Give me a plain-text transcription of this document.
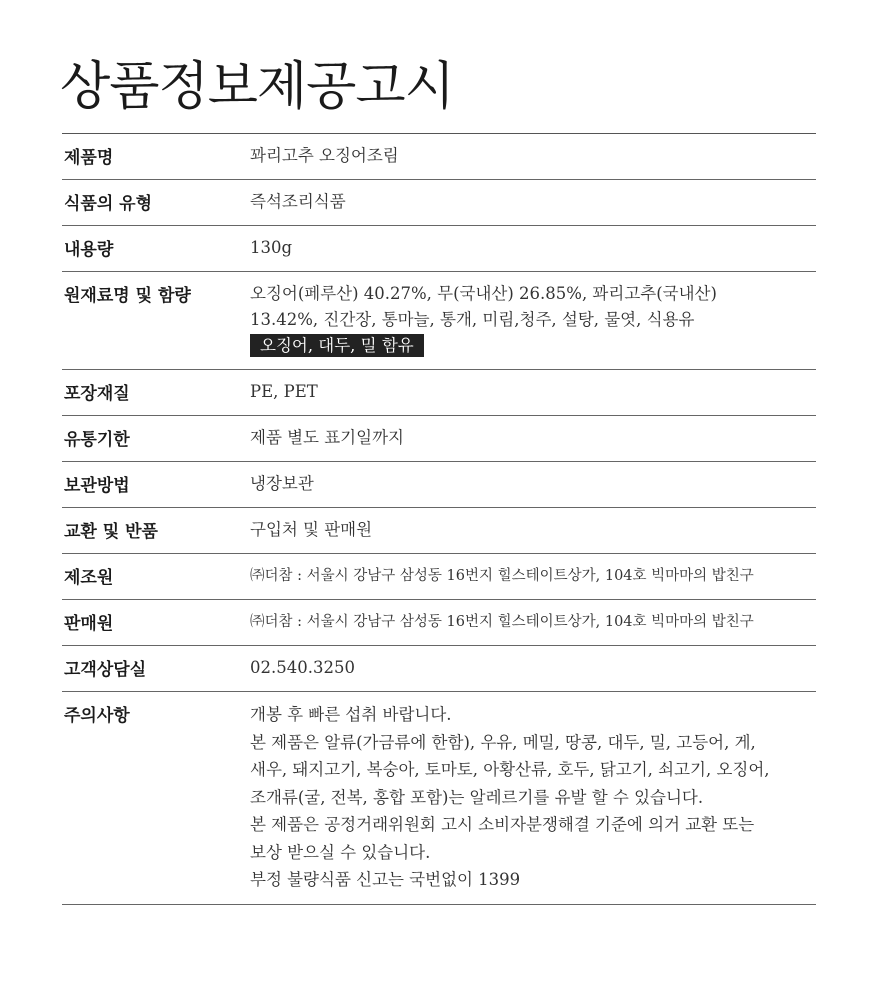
상품정보제공고시
제품명	꽈리고추 오징어조림
식품의 유형	즉석조리식품
내용량	130g
원재료명 및 함량	오징어(페루산) 40.27%, 무(국내산) 26.85%, 꽈리고추(국내산)
13.42%, 진간장, 통마늘, 통개, 미림,청주, 설탕, 물엿, 식용유
오징어, 대두, 밀 함유
포장재질	PE, PET
유통기한	제품 별도 표기일까지
보관방법	냉장보관
교환 및 반품	구입처 및 판매원
제조원	㈜더참 : 서울시 강남구 삼성동 16번지 힐스테이트상가, 104호 빅마마의 밥친구
판매원	㈜더참 : 서울시 강남구 삼성동 16번지 힐스테이트상가, 104호 빅마마의 밥친구
고객상담실	02.540.3250
주의사항	개봉 후 빠른 섭취 바랍니다.
본 제품은 알류(가금류에 한함), 우유, 메밀, 땅콩, 대두, 밀, 고등어, 게,
새우, 돼지고기, 복숭아, 토마토, 아황산류, 호두, 닭고기, 쇠고기, 오징어,
조개류(굴, 전복, 홍합 포함)는 알레르기를 유발 할 수 있습니다.
본 제품은 공정거래위원회 고시 소비자분쟁해결 기준에 의거 교환 또는
보상 받으실 수 있습니다.
부정 불량식품 신고는 국번없이 1399
